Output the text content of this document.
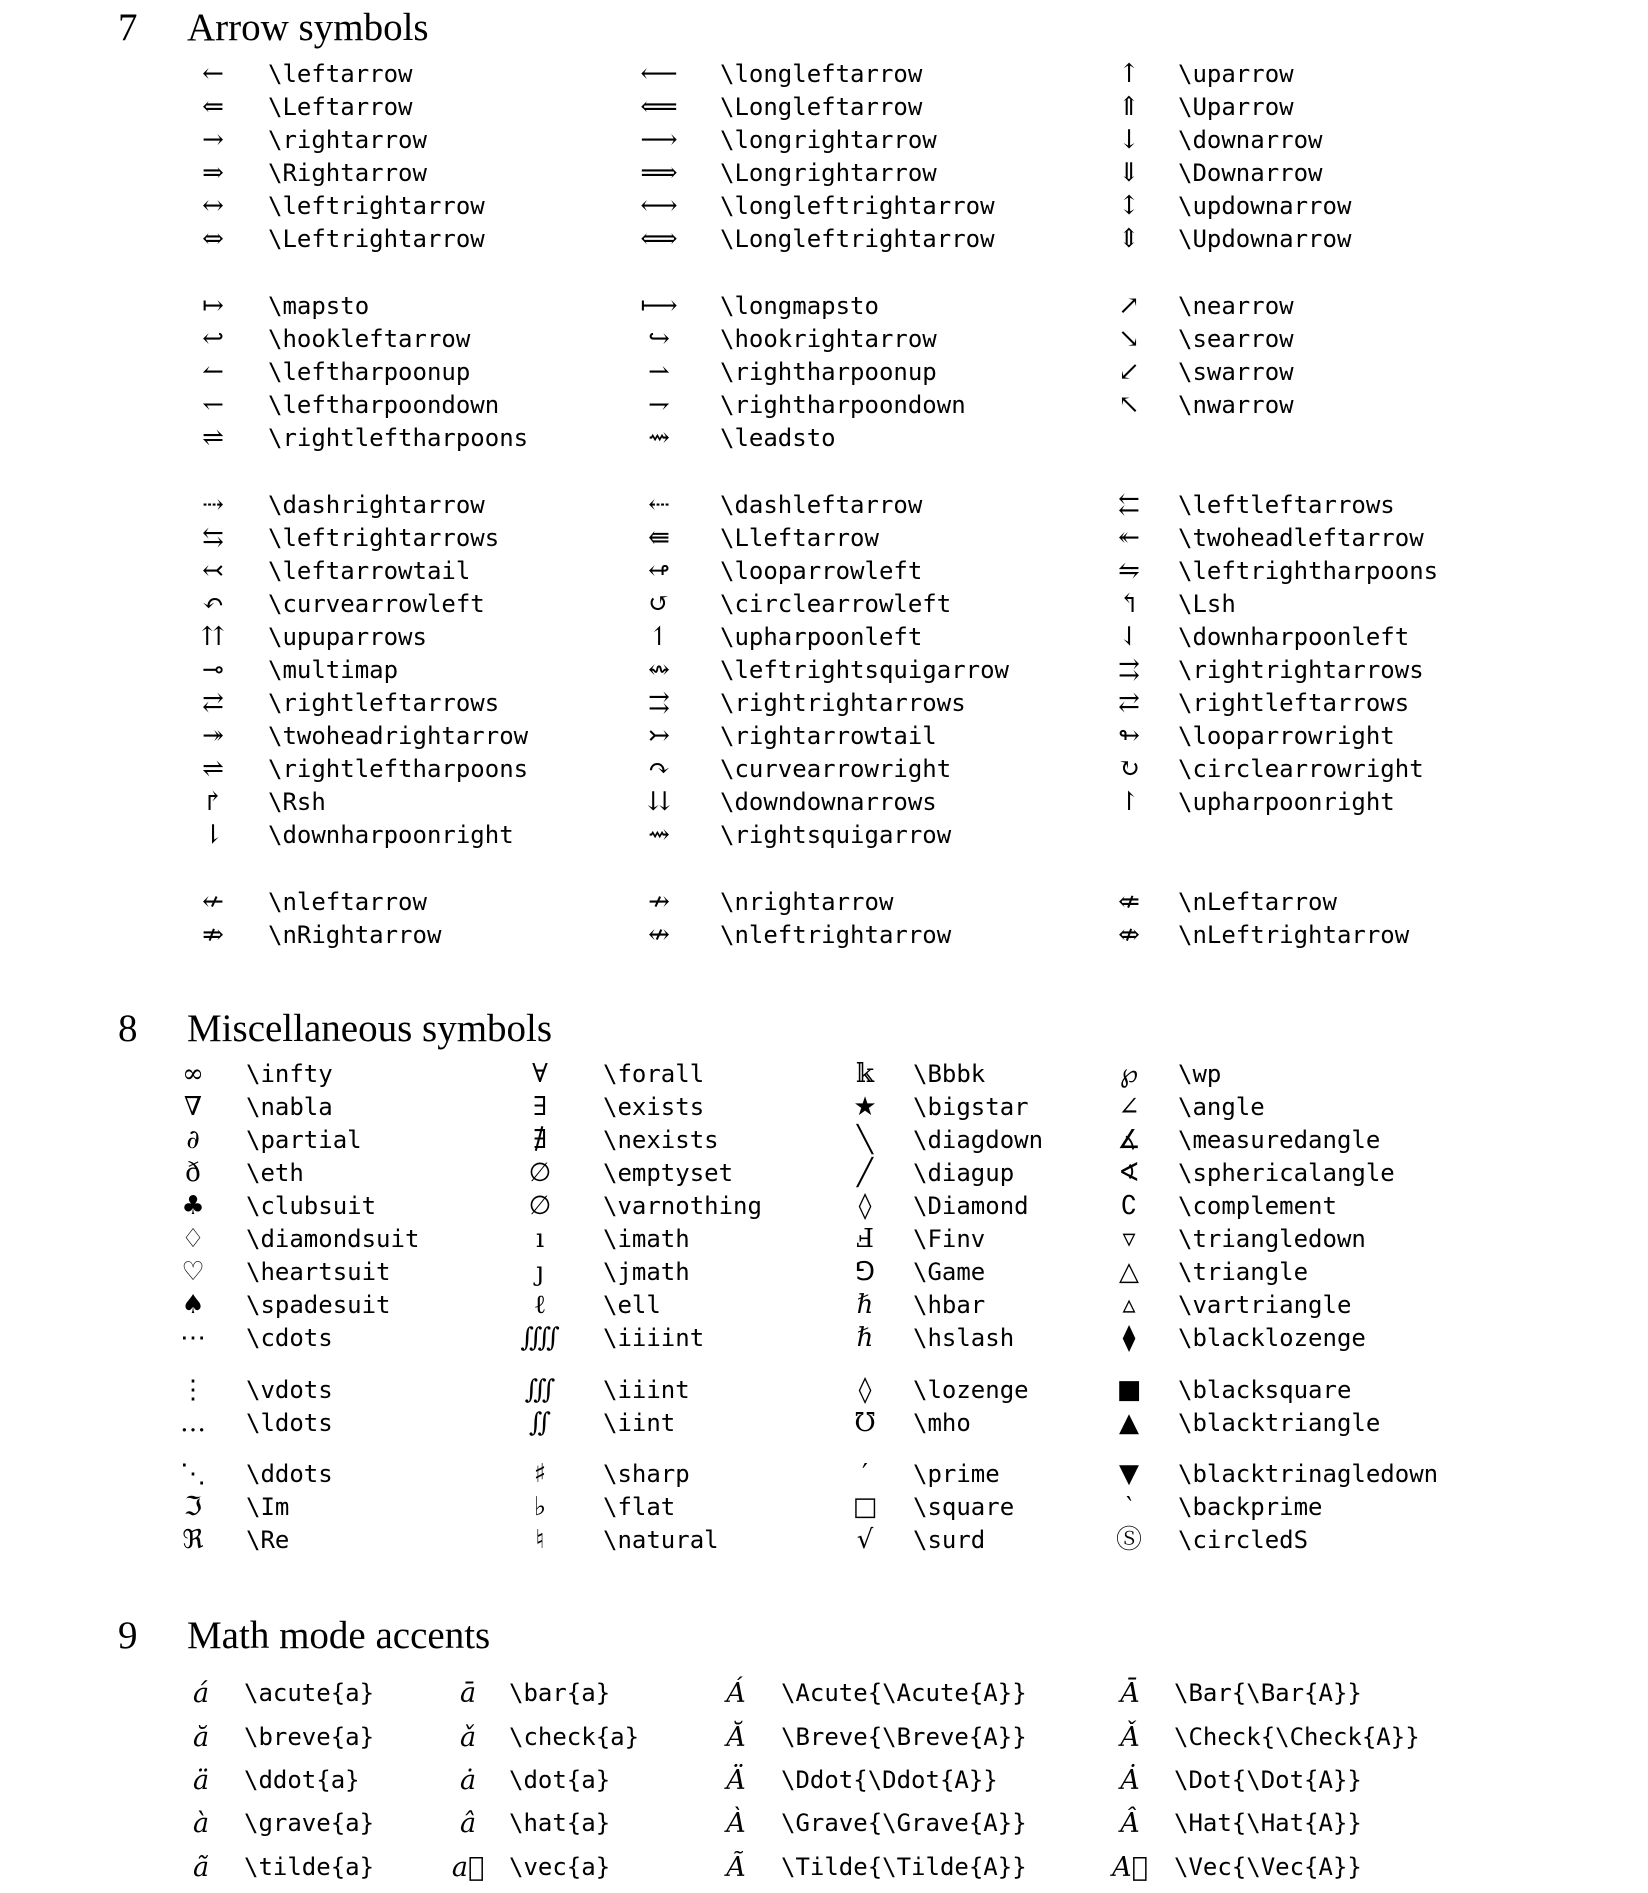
7 Arrow symbols
←	\leftarrow	⟵	\longleftarrow	↑	\uparrow
⇐	\Leftarrow	⟸	\Longleftarrow	⇑	\Uparrow
→	\rightarrow	⟶	\longrightarrow	↓	\downarrow
⇒	\Rightarrow	⟹	\Longrightarrow	⇓	\Downarrow
↔	\leftrightarrow	⟷	\longleftrightarrow	↕	\updownarrow
⇔	\Leftrightarrow	⟺	\Longleftrightarrow	⇕	\Updownarrow
↦	\mapsto	⟼	\longmapsto	↗	\nearrow
↩	\hookleftarrow	↪	\hookrightarrow	↘	\searrow
↼	\leftharpoonup	⇀	\rightharpoonup	↙	\swarrow
↽	\leftharpoondown	⇁	\rightharpoondown	↖	\nwarrow
⇌	\rightleftharpoons	⇝	\leadsto
⇢	\dashrightarrow	⇠	\dashleftarrow	⇇	\leftleftarrows
⇆	\leftrightarrows	⇚	\Lleftarrow	↞	\twoheadleftarrow
↢	\leftarrowtail	↫	\looparrowleft	⇋	\leftrightharpoons
↶	\curvearrowleft	↺	\circlearrowleft	↰	\Lsh
⇈	\upuparrows	↿	\upharpoonleft	⇃	\downharpoonleft
⊸	\multimap	↭	\leftrightsquigarrow	⇉	\rightrightarrows
⇄	\rightleftarrows	⇉	\rightrightarrows	⇄	\rightleftarrows
↠	\twoheadrightarrow	↣	\rightarrowtail	↬	\looparrowright
⇌	\rightleftharpoons	↷	\curvearrowright	↻	\circlearrowright
↱	\Rsh	⇊	\downdownarrows	↾	\upharpoonright
⇂	\downharpoonright	⇝	\rightsquigarrow
↚	\nleftarrow	↛	\nrightarrow	⇍	\nLeftarrow
⇏	\nRightarrow	↮	\nleftrightarrow	⇎	\nLeftrightarrow
8 Miscellaneous symbols
∞	\infty	∀	\forall	𝕜	\Bbbk	℘	\wp
∇	\nabla	∃	\exists	★	\bigstar	∠	\angle
∂	\partial	∄	\nexists	╲	\diagdown	∡	\measuredangle
ð	\eth	∅	\emptyset	╱	\diagup	∢	\sphericalangle
♣	\clubsuit	∅	\varnothing	◊	\Diamond	∁	\complement
♢	\diamondsuit	ı	\imath	Ⅎ	\Finv	▿	\triangledown
♡	\heartsuit	ȷ	\jmath	⅁	\Game	△	\triangle
♠	\spadesuit	ℓ	\ell	ℏ	\hbar	▵	\vartriangle
⋯	\cdots	⨌	\iiiint	ℏ	\hslash	⧫	\blacklozenge
⋮	\vdots	∭	\iiint	◊	\lozenge	■	\blacksquare
…	\ldots	∬	\iint	℧	\mho	▲	\blacktriangle
⋱	\ddots	♯	\sharp	′	\prime	▼	\blacktrinagledown
ℑ	\Im	♭	\flat	□	\square	‵	\backprime
ℜ	\Re	♮	\natural	√	\surd	Ⓢ	\circledS
9 Math mode accents
á	\acute{a}	ā	\bar{a}	Á	\Acute{\Acute{A}}	Ā	\Bar{\Bar{A}}
ă	\breve{a}	ǎ	\check{a}	Ă	\Breve{\Breve{A}}	Ǎ	\Check{\Check{A}}
ä	\ddot{a}	ȧ	\dot{a}	Ä	\Ddot{\Ddot{A}}	Ȧ	\Dot{\Dot{A}}
à	\grave{a}	â	\hat{a}	À	\Grave{\Grave{A}}	Â	\Hat{\Hat{A}}
ã	\tilde{a}	a⃗	\vec{a}	Ã	\Tilde{\Tilde{A}}	A⃗	\Vec{\Vec{A}}
